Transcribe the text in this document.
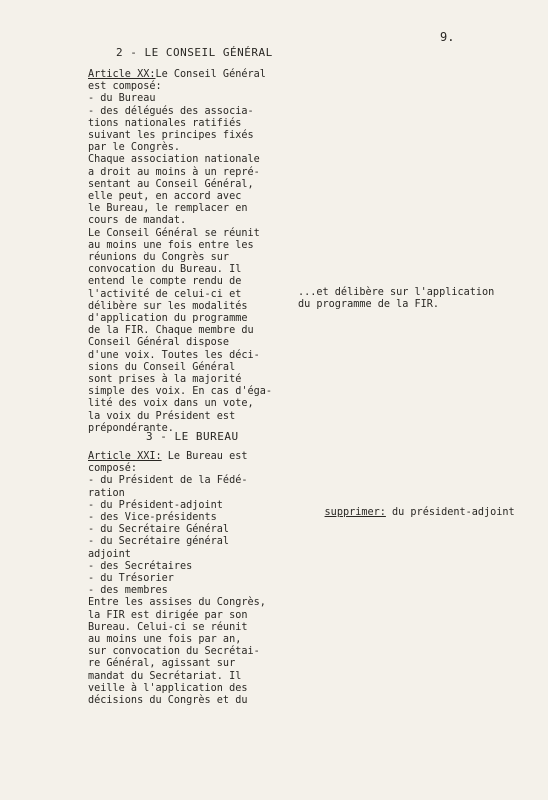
9.
2 - LE CONSEIL GÉNÉRAL
Article XX:Le Conseil Général
est composé:
- du Bureau
- des délégués des associa-
tions nationales ratifiés
suivant les principes fixés
par le Congrès.
Chaque association nationale
a droit au moins à un repré-
sentant au Conseil Général,
elle peut, en accord avec
le Bureau, le remplacer en
cours de mandat.
Le Conseil Général se réunit
au moins une fois entre les
réunions du Congrès sur
convocation du Bureau. Il
entend le compte rendu de
l'activité de celui-ci et
délibère sur les modalités
d'application du programme
de la FIR. Chaque membre du
Conseil Général dispose
d'une voix. Toutes les déci-
sions du Conseil Général
sont prises à la majorité
simple des voix. En cas d'éga-
lité des voix dans un vote,
la voix du Président est
prépondérante.
...et délibère sur l'application
du programme de la FIR.
3 - LE BUREAU
Article XXI: Le Bureau est
composé:
- du Président de la Fédé-
ration
- du Président-adjoint
- des Vice-présidents
- du Secrétaire Général
- du Secrétaire général
adjoint
- des Secrétaires
- du Trésorier
- des membres
Entre les assises du Congrès,
la FIR est dirigée par son
Bureau. Celui-ci se réunit
au moins une fois par an,
sur convocation du Secrétai-
re Général, agissant sur
mandat du Secrétariat. Il
veille à l'application des
décisions du Congrès et du

supprimer: du président-adjoint
